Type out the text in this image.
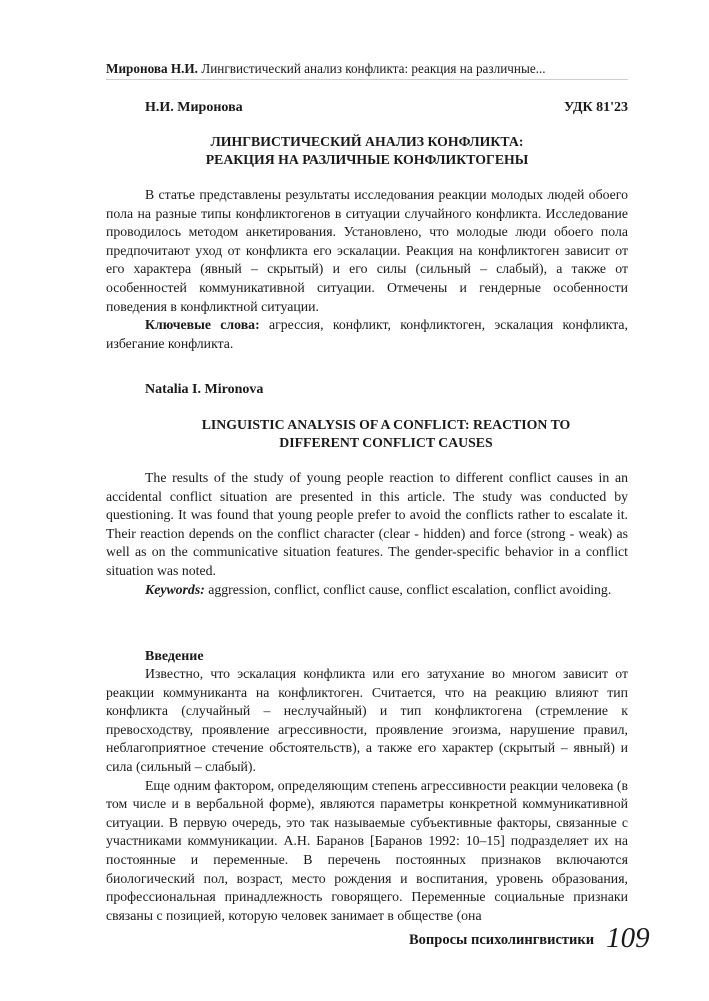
Миронова Н.И. Лингвистический анализ конфликта: реакция на различные...
Н.И. Миронова	УДК 81'23
ЛИНГВИСТИЧЕСКИЙ АНАЛИЗ КОНФЛИКТА:
РЕАКЦИЯ НА РАЗЛИЧНЫЕ КОНФЛИКТОГЕНЫ

В статье представлены результаты исследования реакции молодых людей обоего пола на разные типы конфликтогенов в ситуации случайного конфликта. Исследование проводилось методом анкетирования. Установлено, что молодые люди обоего пола предпочитают уход от конфликта его эскалации. Реакция на конфликтоген зависит от его характера (явный – скрытый) и его силы (сильный – слабый), а также от особенностей коммуникативной ситуации. Отмечены и гендерные особенности поведения в конфликтной ситуации.

Ключевые слова: агрессия, конфликт, конфликтоген, эскалация конфликта, избегание конфликта.

Natalia I. Mironova
LINGUISTIC ANALYSIS OF A CONFLICT: REACTION TO
DIFFERENT CONFLICT CAUSES

The results of the study of young people reaction to different conflict causes in an accidental conflict situation are presented in this article. The study was conducted by questioning. It was found that young people prefer to avoid the conflicts rather to escalate it. Their reaction depends on the conflict character (clear - hidden) and force (strong - weak) as well as on the communicative situation features. The gender-specific behavior in a conflict situation was noted.

Keywords: aggression, conflict, conflict cause, conflict escalation, conflict avoiding.

Введение

Известно, что эскалация конфликта или его затухание во многом зависит от реакции коммуниканта на конфликтоген. Считается, что на реакцию влияют тип конфликта (случайный – неслучайный) и тип конфликтогена (стремление к превосходству, проявление агрессивности, проявление эгоизма, нарушение правил, неблагоприятное стечение обстоятельств), а также его характер (скрытый – явный) и сила (сильный – слабый).

Еще одним фактором, определяющим степень агрессивности реакции человека (в том числе и в вербальной форме), являются параметры конкретной коммуникативной ситуации. В первую очередь, это так называемые субъективные факторы, связанные с участниками коммуникации. А.Н. Баранов [Баранов 1992: 10–15] подразделяет их на постоянные и переменные. В перечень постоянных признаков включаются биологический пол, возраст, место рождения и воспитания, уровень образования, профессиональная принадлежность говорящего. Переменные социальные признаки связаны с позицией, которую человек занимает в обществе (она

Вопросы психолингвистики 109
